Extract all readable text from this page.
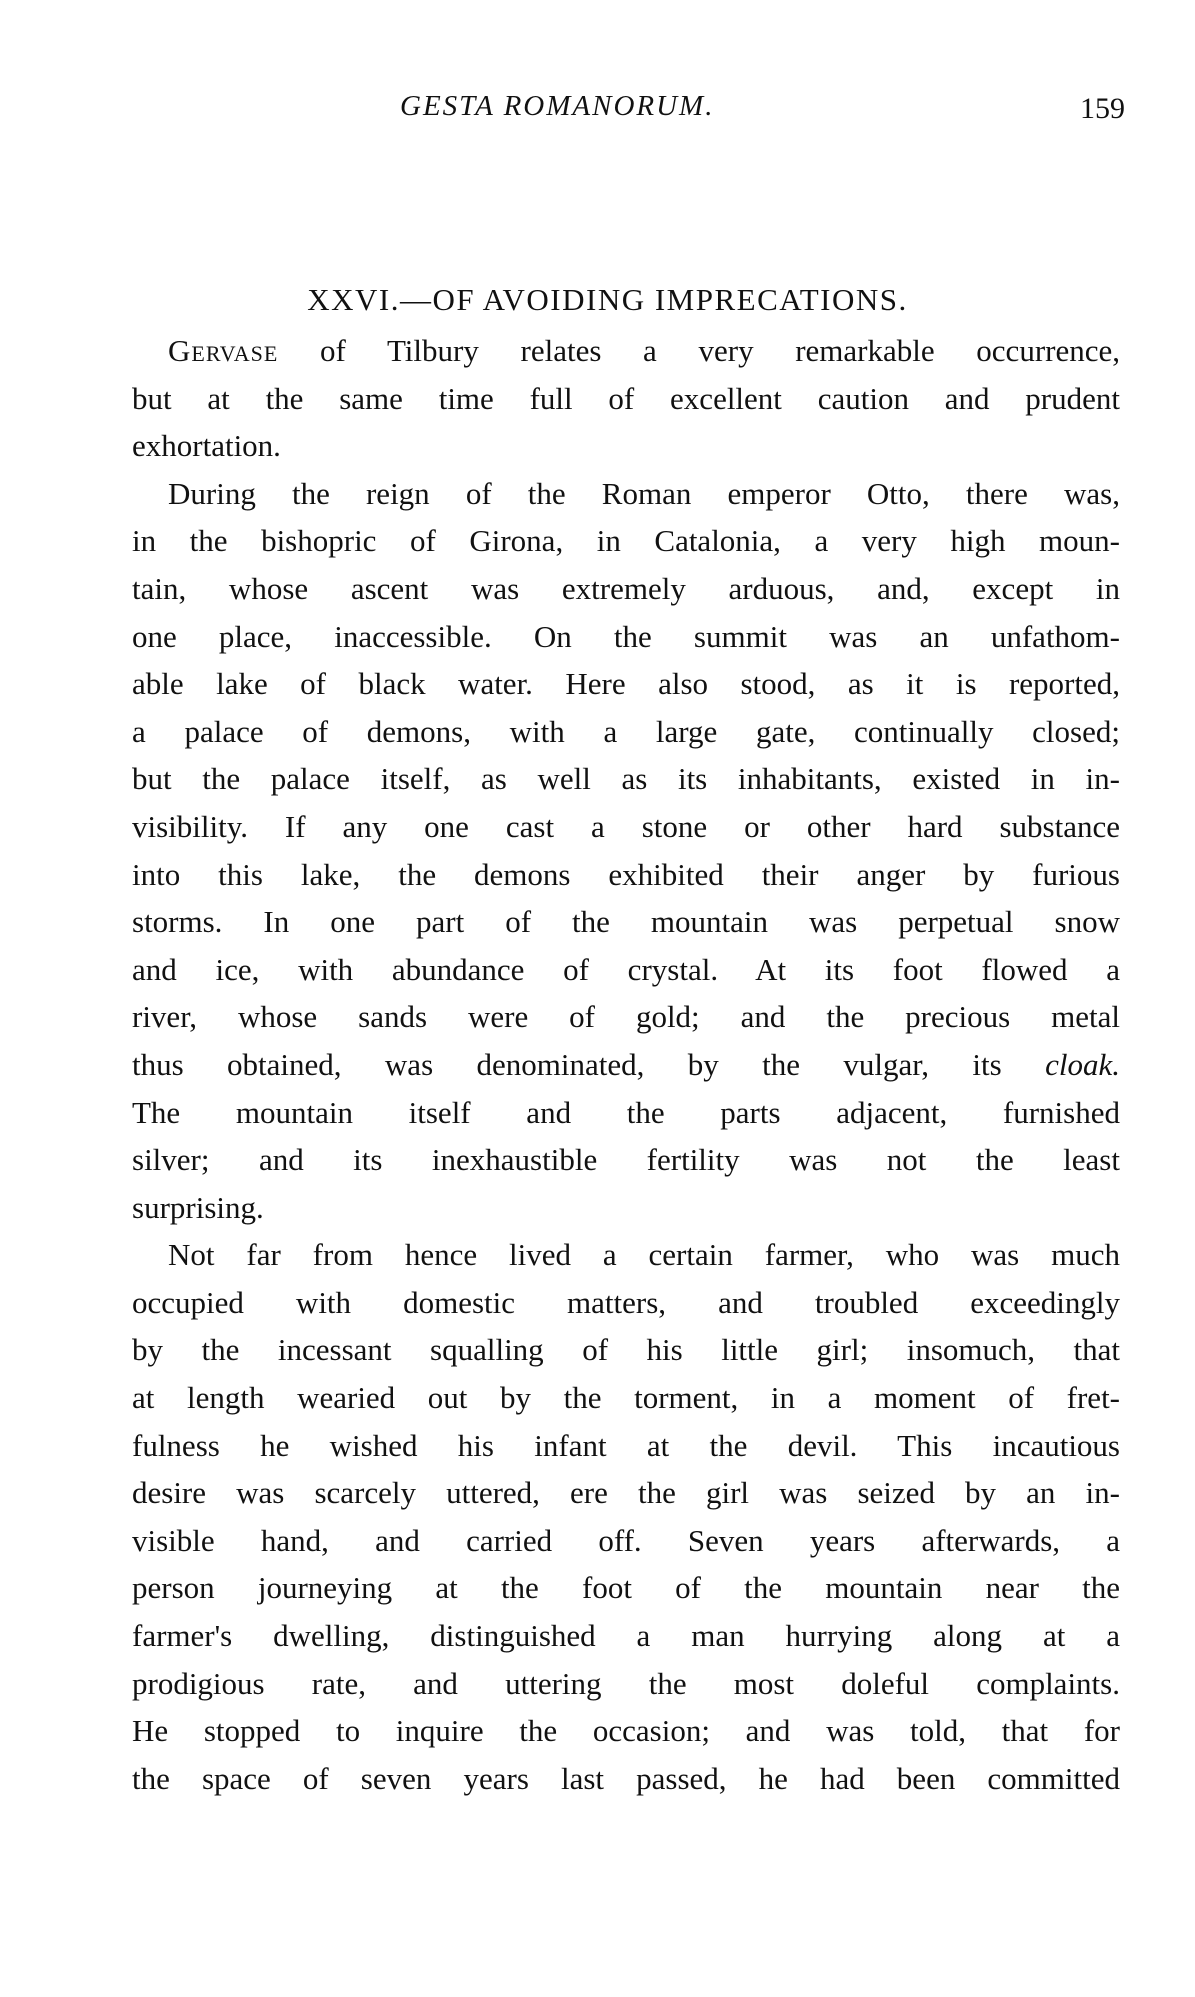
GESTA ROMANORUM.	159
XXVI.—OF AVOIDING IMPRECATIONS.
Gervase of Tilbury relates a very remarkable occurrence,
but at the same time full of excellent caution and prudent
exhortation.
During the reign of the Roman emperor Otto, there was,
in the bishopric of Girona, in Catalonia, a very high moun-
tain, whose ascent was extremely arduous, and, except in
one place, inaccessible. On the summit was an unfathom-
able lake of black water. Here also stood, as it is reported,
a palace of demons, with a large gate, continually closed;
but the palace itself, as well as its inhabitants, existed in in-
visibility. If any one cast a stone or other hard substance
into this lake, the demons exhibited their anger by furious
storms. In one part of the mountain was perpetual snow
and ice, with abundance of crystal. At its foot flowed a
river, whose sands were of gold; and the precious metal
thus obtained, was denominated, by the vulgar, its cloak.
The mountain itself and the parts adjacent, furnished
silver; and its inexhaustible fertility was not the least
surprising.
Not far from hence lived a certain farmer, who was much
occupied with domestic matters, and troubled exceedingly
by the incessant squalling of his little girl; insomuch, that
at length wearied out by the torment, in a moment of fret-
fulness he wished his infant at the devil. This incautious
desire was scarcely uttered, ere the girl was seized by an in-
visible hand, and carried off. Seven years afterwards, a
person journeying at the foot of the mountain near the
farmer's dwelling, distinguished a man hurrying along at a
prodigious rate, and uttering the most doleful complaints.
He stopped to inquire the occasion; and was told, that for
the space of seven years last passed, he had been committed
